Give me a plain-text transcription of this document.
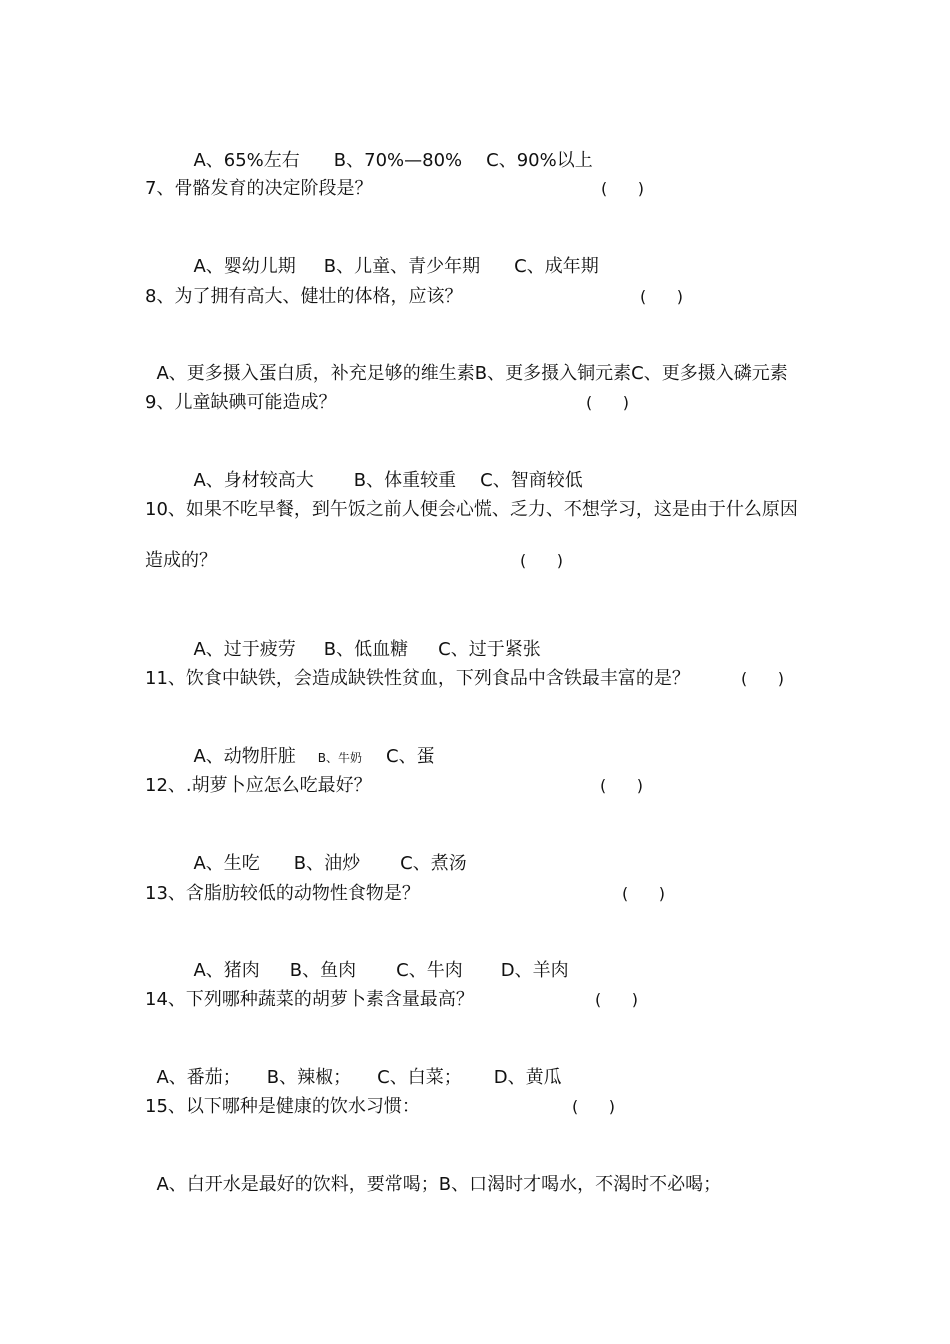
A、65%左右 B、70%—80% C、90%以上

7、骨骼发育的决定阶段是？	(      )

A、婴幼儿期 B、儿童、青少年期 C、成年期

8、为了拥有高大、健壮的体格，应该？	(      )

A、更多摄入蛋白质，补充足够的维生素B、更多摄入铜元素C、更多摄入磷元素

9、儿童缺碘可能造成？	(      )

A、身材较高大 B、体重较重 C、智商较低

10、如果不吃早餐，到午饭之前人便会心慌、乏力、不想学习，这是由于什么原因
造成的？	(      )

A、过于疲劳 B、低血糖 C、过于紧张

11、饮食中缺铁，会造成缺铁性贫血，下列食品中含铁最丰富的是？	(      )

A、动物肝脏 B、牛奶 C、蛋

12、.胡萝卜应怎么吃最好？	(      )

A、生吃 B、油炒 C、煮汤

13、含脂肪较低的动物性食物是？	(      )

A、猪肉 B、鱼肉 C、牛肉 D、羊肉

14、下列哪种蔬菜的胡萝卜素含量最高？	(      )

A、番茄； B、辣椒； C、白菜； D、黄瓜

15、以下哪种是健康的饮水习惯：	(      )

A、白开水是最好的饮料，要常喝；B、口渴时才喝水，不渴时不必喝；
